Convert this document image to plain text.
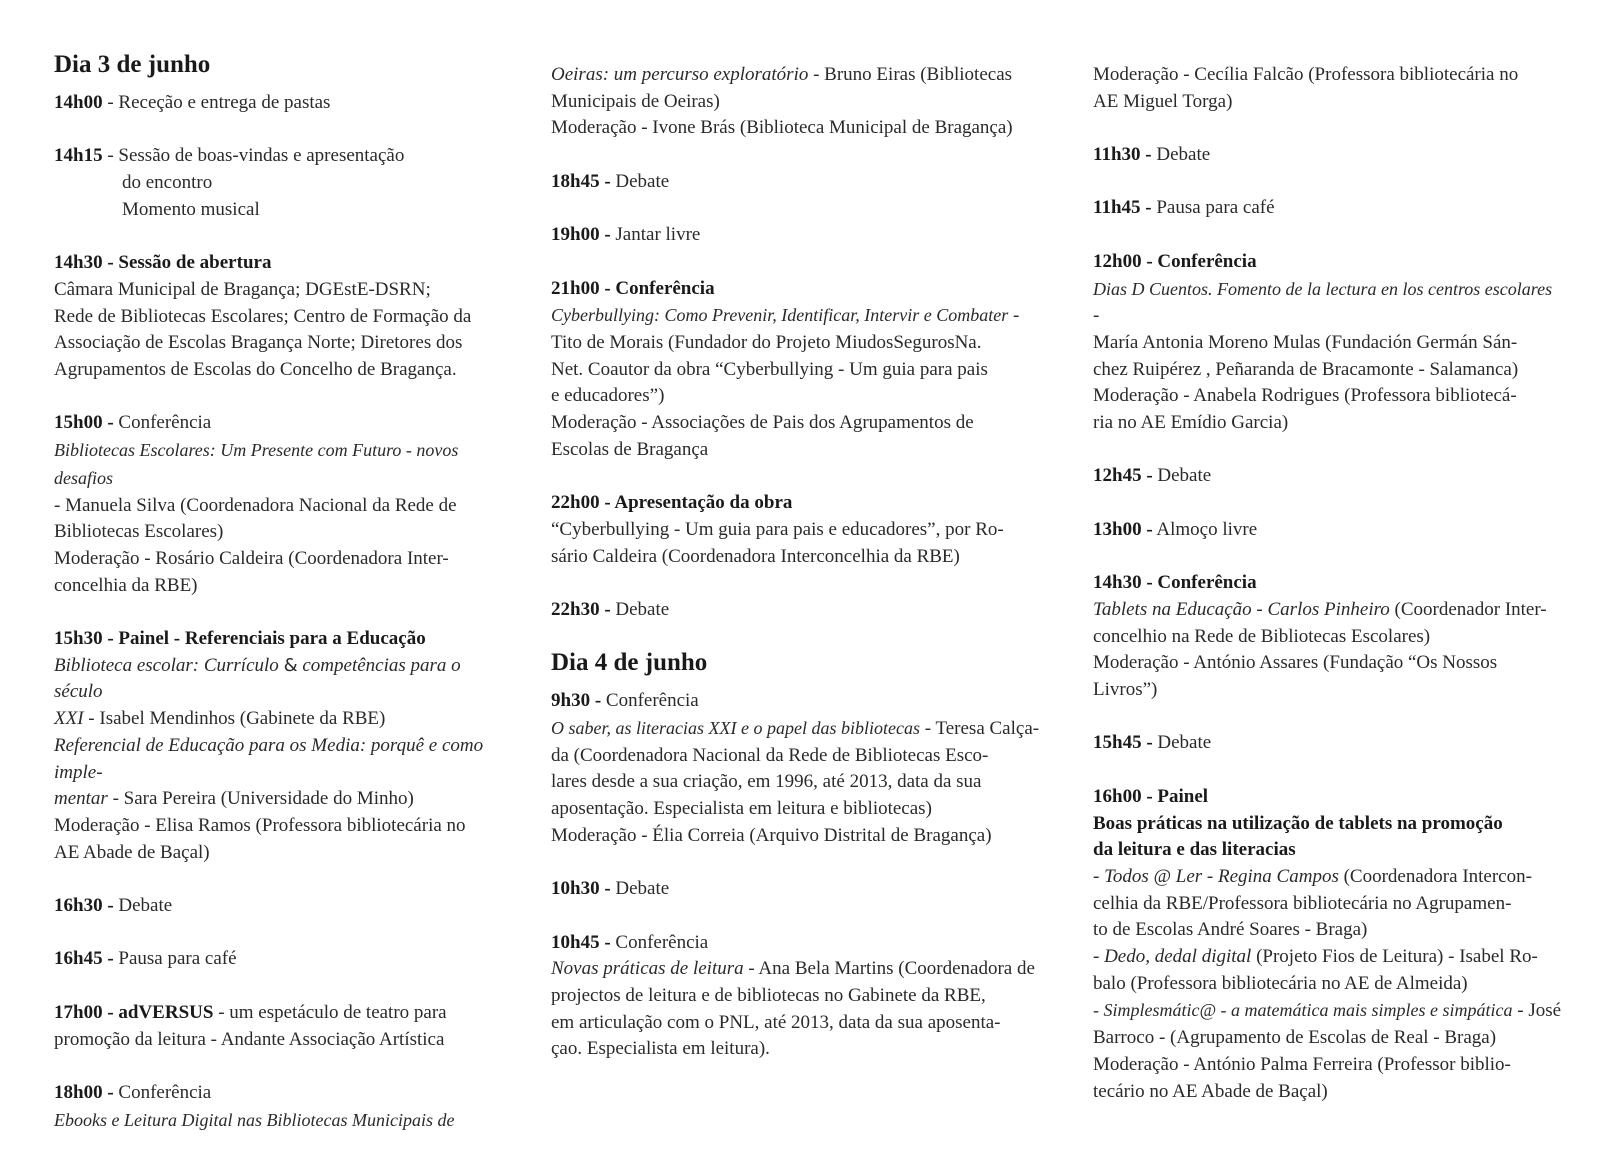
Dia 3 de junho

14h00 - Receção e entrega de pastas

14h15 - Sessão de boas-vindas e apresentação

do encontro

Momento musical

14h30 - Sessão de abertura

Câmara Municipal de Bragança; DGEstE-DSRN;

Rede de Bibliotecas Escolares; Centro de Formação da

Associação de Escolas Bragança Norte; Diretores dos

Agrupamentos de Escolas do Concelho de Bragança.

15h00 - Conferência

Bibliotecas Escolares: Um Presente com Futuro - novos desafios

- Manuela Silva (Coordenadora Nacional da Rede de

Bibliotecas Escolares)

Moderação - Rosário Caldeira (Coordenadora Inter-

concelhia da RBE)

15h30 - Painel - Referenciais para a Educação

Biblioteca escolar: Currículo & competências para o século

XXI - Isabel Mendinhos (Gabinete da RBE)

Referencial de Educação para os Media: porquê e como imple-

mentar - Sara Pereira (Universidade do Minho)

Moderação - Elisa Ramos (Professora bibliotecária no

AE Abade de Baçal)

16h30 - Debate

16h45 - Pausa para café

17h00 - adVERSUS - um espetáculo de teatro para

promoção da leitura - Andante Associação Artística

18h00 - Conferência

Ebooks e Leitura Digital nas Bibliotecas Municipais de

Oeiras: um percurso exploratório - Bruno Eiras (Bibliotecas

Municipais de Oeiras)

Moderação - Ivone Brás (Biblioteca Municipal de Bragança)

18h45 - Debate

19h00 - Jantar livre

21h00 - Conferência

Cyberbullying: Como Prevenir, Identificar, Intervir e Combater -

Tito de Morais (Fundador do Projeto MiudosSegurosNa.

Net. Coautor da obra “Cyberbullying - Um guia para pais

e educadores”)

Moderação - Associações de Pais dos Agrupamentos de

Escolas de Bragança

22h00 - Apresentação da obra

“Cyberbullying - Um guia para pais e educadores”, por Ro-

sário Caldeira (Coordenadora Interconcelhia da RBE)

22h30 - Debate

Dia 4 de junho

9h30 - Conferência

O saber, as literacias XXI e o papel das bibliotecas - Teresa Calça-

da (Coordenadora Nacional da Rede de Bibliotecas Esco-

lares desde a sua criação, em 1996, até 2013, data da sua

aposentação. Especialista em leitura e bibliotecas)

Moderação - Élia Correia (Arquivo Distrital de Bragança)

10h30 - Debate

10h45 - Conferência

Novas práticas de leitura - Ana Bela Martins (Coordenadora de

projectos de leitura e de bibliotecas no Gabinete da RBE,

em articulação com o PNL, até 2013, data da sua aposenta-

çao. Especialista em leitura).

Moderação - Cecília Falcão (Professora bibliotecária no

AE Miguel Torga)

11h30 - Debate

11h45 - Pausa para café

12h00 - Conferência

Dias D Cuentos. Fomento de la lectura en los centros escolares -

María Antonia Moreno Mulas (Fundación Germán Sán-

chez Ruipérez , Peñaranda de Bracamonte - Salamanca)

Moderação - Anabela Rodrigues (Professora bibliotecá-

ria no AE Emídio Garcia)

12h45 - Debate

13h00 - Almoço livre

14h30 - Conferência

Tablets na Educação - Carlos Pinheiro (Coordenador Inter-

concelhio na Rede de Bibliotecas Escolares)

Moderação - António Assares (Fundação “Os Nossos

Livros”)

15h45 - Debate

16h00 - Painel

Boas práticas na utilização de tablets na promoção

da leitura e das literacias

- Todos @ Ler - Regina Campos (Coordenadora Intercon-

celhia da RBE/Professora bibliotecária no Agrupamen-

to de Escolas André Soares - Braga)

- Dedo, dedal digital (Projeto Fios de Leitura) - Isabel Ro-

balo (Professora bibliotecária no AE de Almeida)

- Simplesmátic@ - a matemática mais simples e simpática - José

Barroco - (Agrupamento de Escolas de Real - Braga)

Moderação - António Palma Ferreira (Professor biblio-

tecário no AE Abade de Baçal)
